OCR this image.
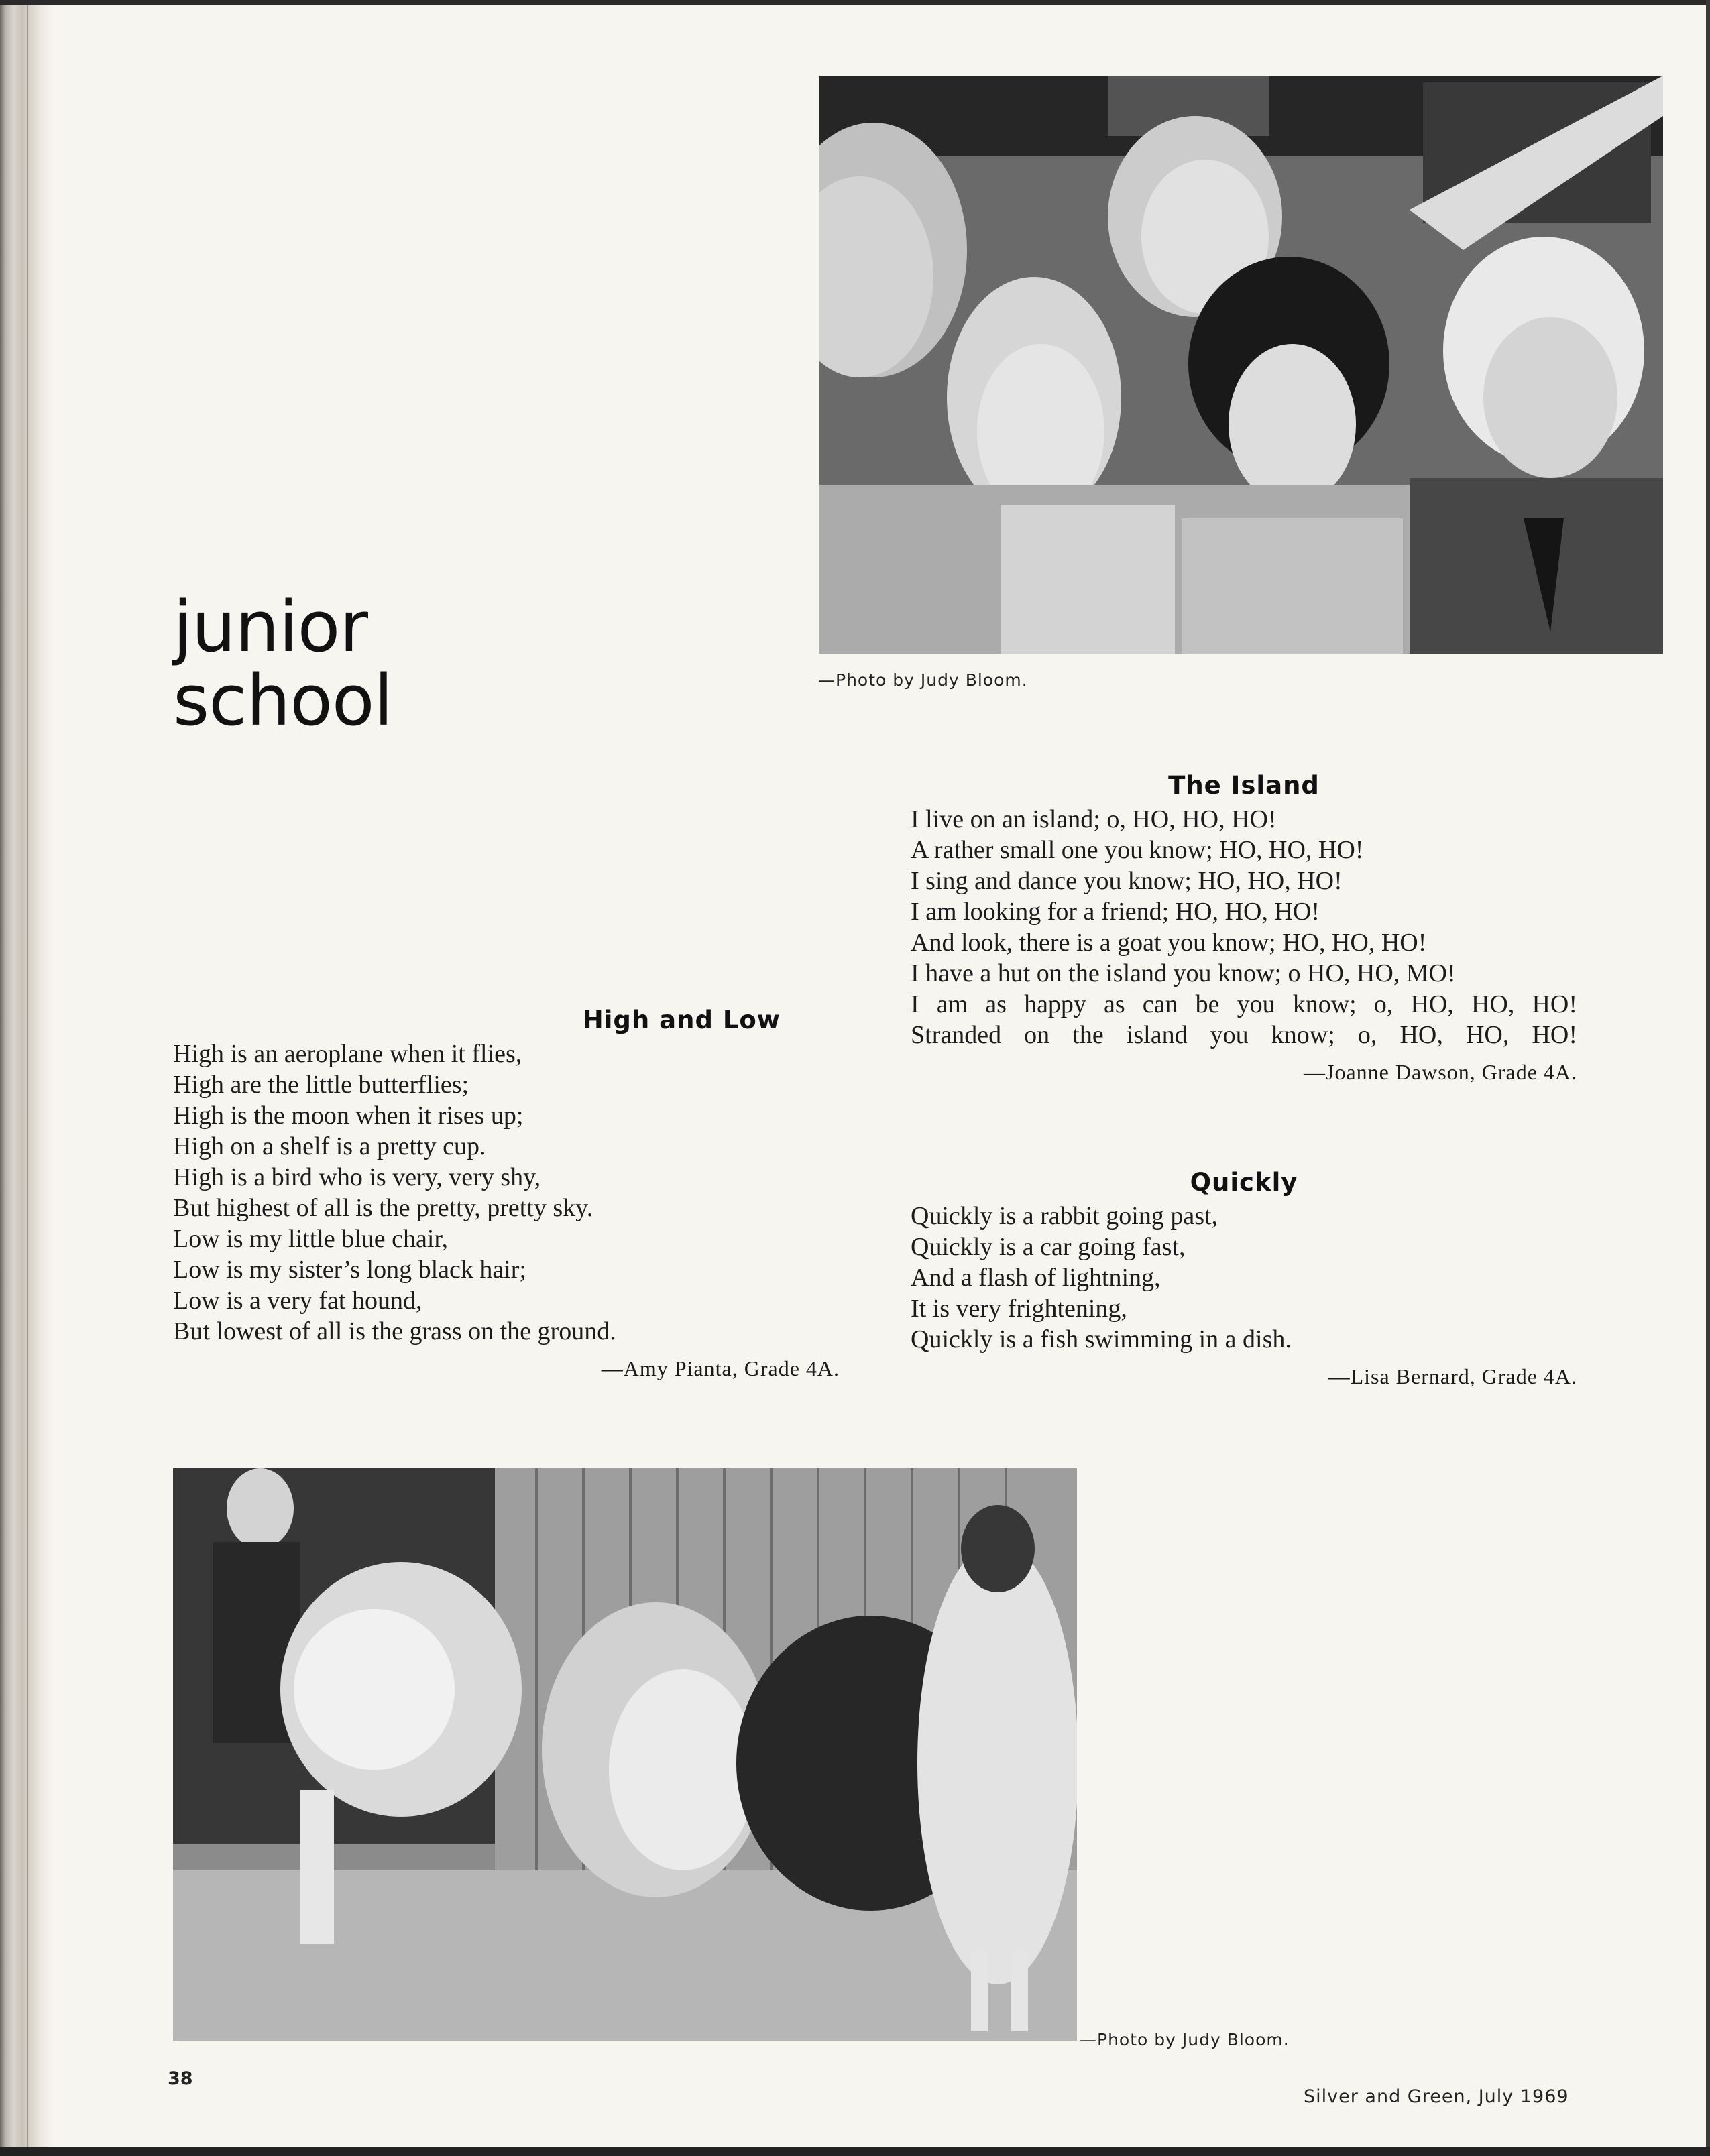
—Photo by Judy Bloom.
junior
school
The Island
I live on an island; o, HO, HO, HO!
A rather small one you know; HO, HO, HO!
I sing and dance you know; HO, HO, HO!
I am looking for a friend; HO, HO, HO!
And look, there is a goat you know; HO, HO, HO!
I have a hut on the island you know; o HO, HO, MO!
I am as happy as can be you know; o, HO, HO, HO!
Stranded on the island you know; o, HO, HO, HO!
—Joanne Dawson, Grade 4A.
High and Low
High is an aeroplane when it flies,
High are the little butterflies;
High is the moon when it rises up;
High on a shelf is a pretty cup.
High is a bird who is very, very shy,
But highest of all is the pretty, pretty sky.
Low is my little blue chair,
Low is my sister’s long black hair;
Low is a very fat hound,
But lowest of all is the grass on the ground.
—Amy Pianta, Grade 4A.
Quickly
Quickly is a rabbit going past,
Quickly is a car going fast,
And a flash of lightning,
It is very frightening,
Quickly is a fish swimming in a dish.
—Lisa Bernard, Grade 4A.
—Photo by Judy Bloom.
38
Silver and Green, July 1969
